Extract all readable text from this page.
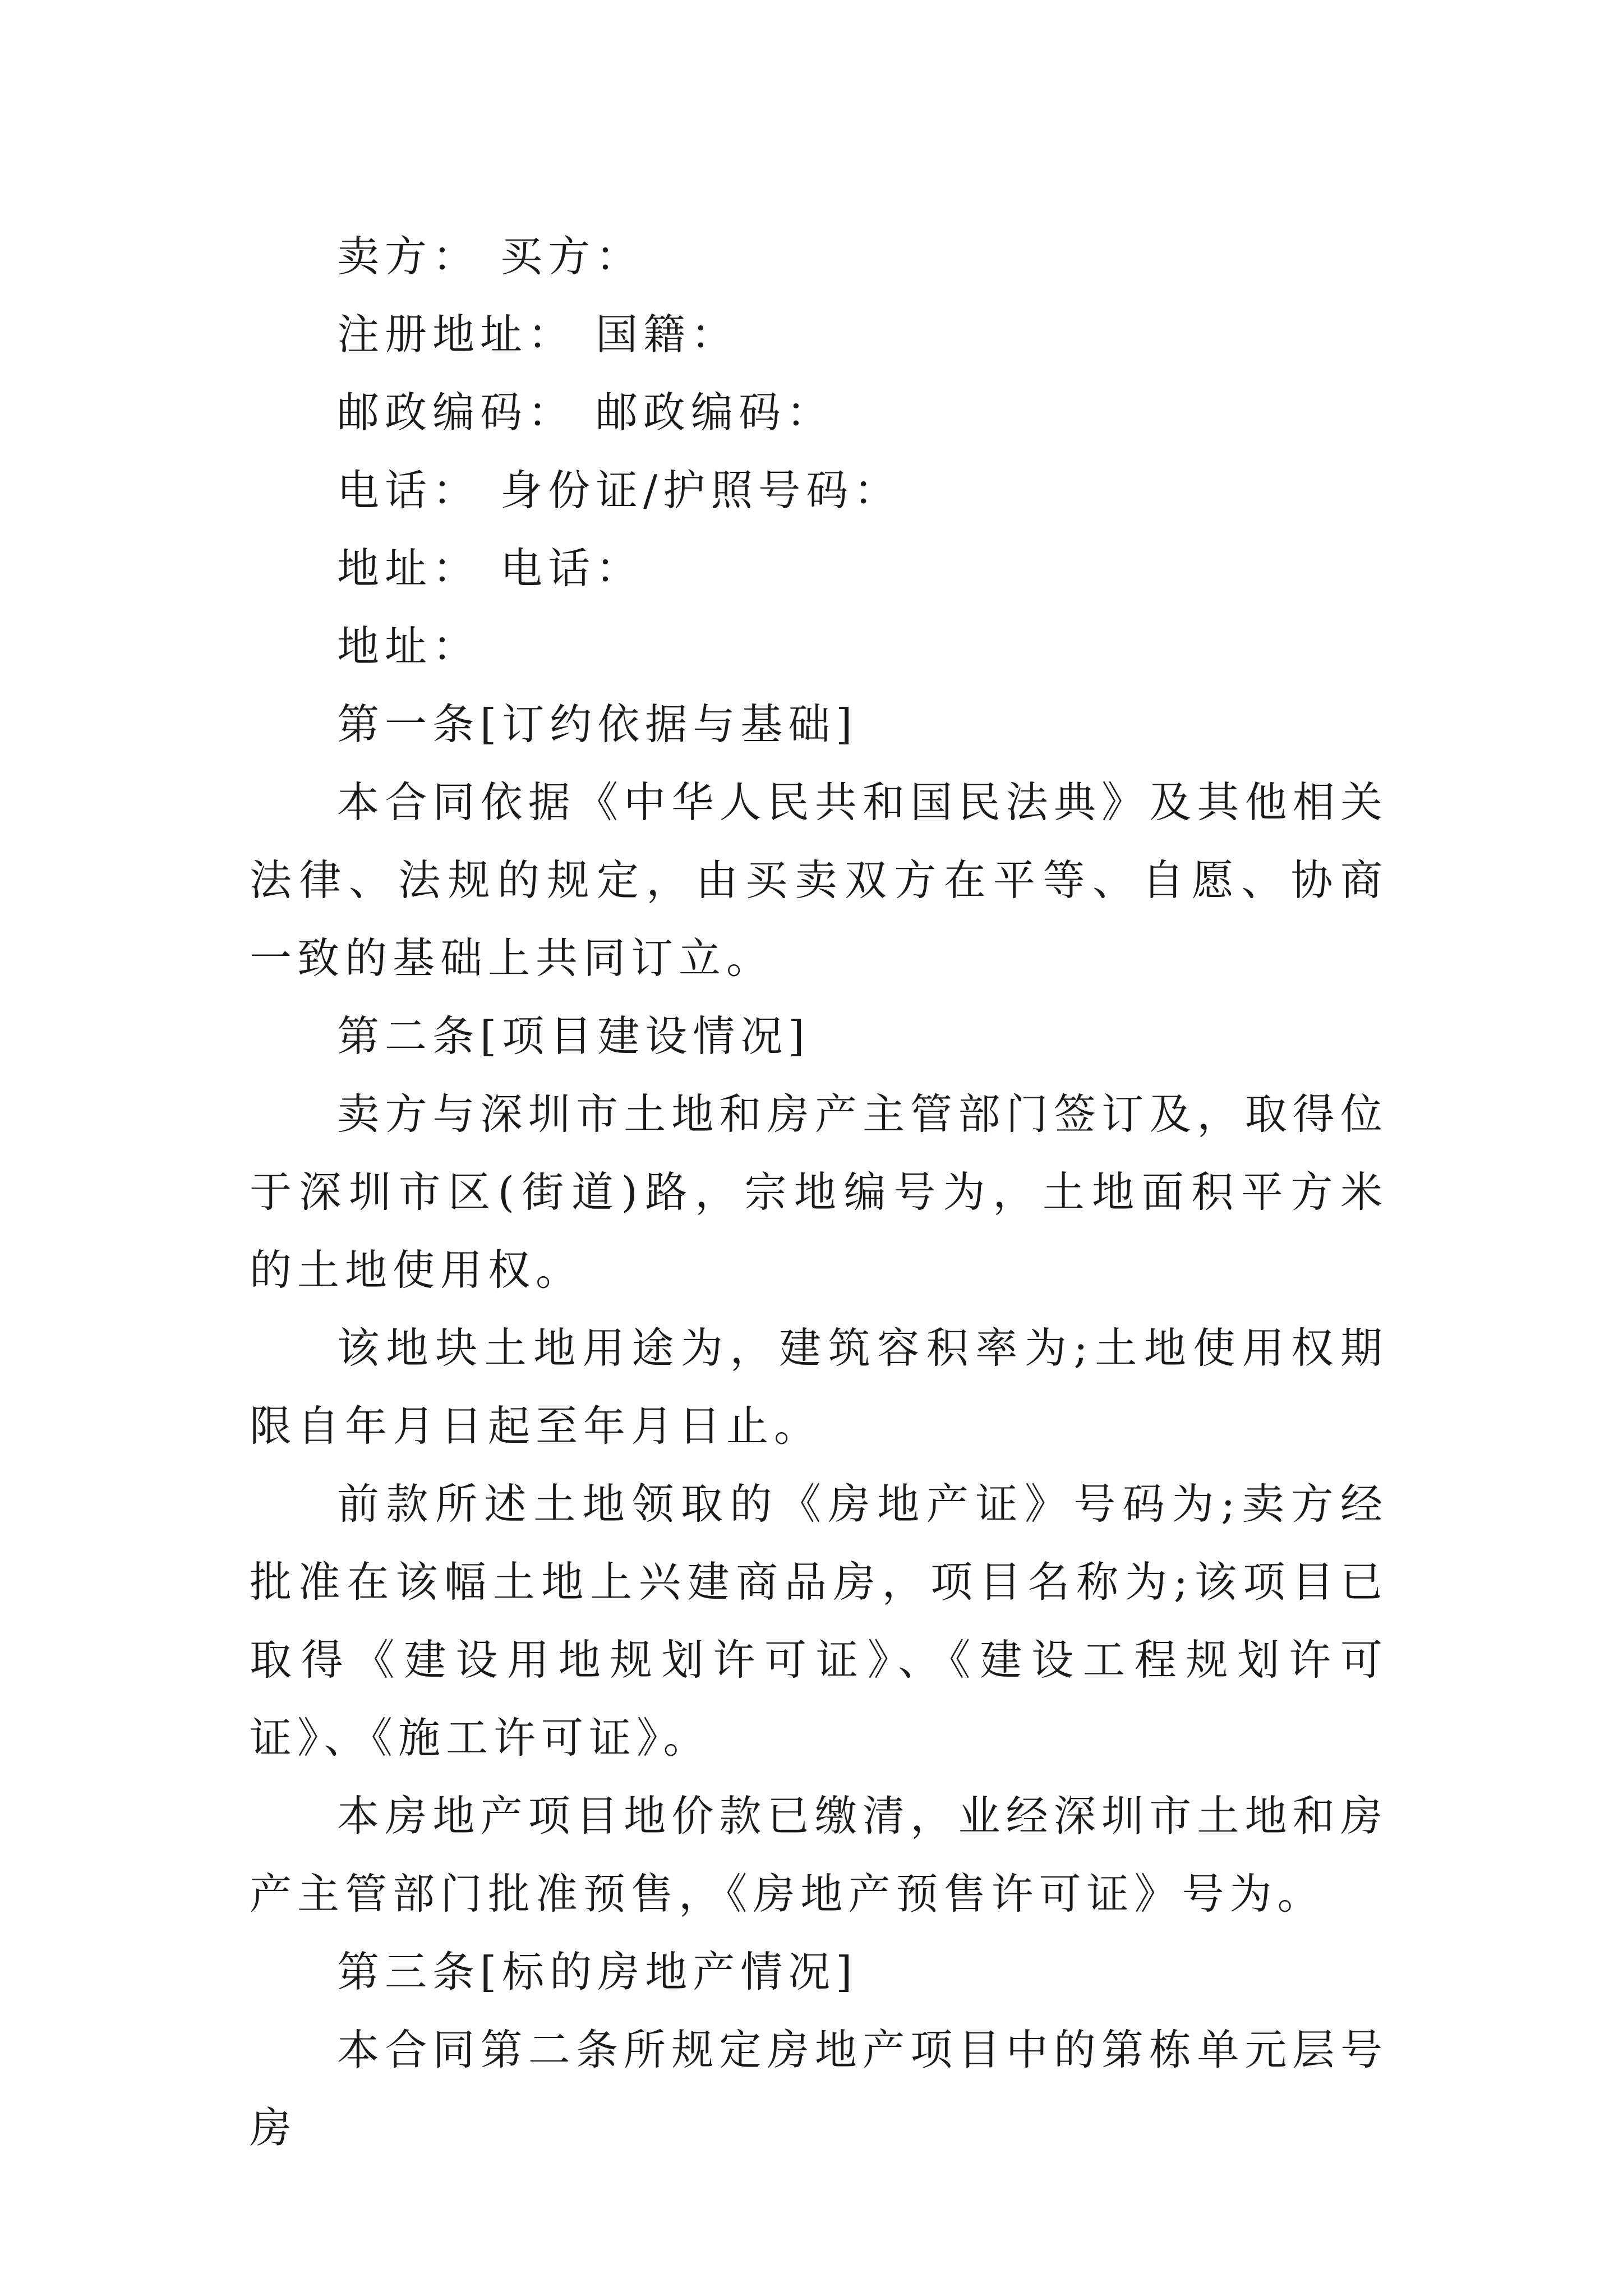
卖方： 买方：
注册地址： 国籍：
邮政编码： 邮政编码：
电话： 身份证/护照号码：
地址： 电话：
地址：
第一条[订约依据与基础]
本合同依据《中华人民共和国民法典》及其他相关法律、法规的规定，由买卖双方在平等、自愿、协商一致的基础上共同订立。
第二条[项目建设情况]
卖方与深圳市土地和房产主管部门签订及，取得位于深圳市区(街道)路，宗地编号为，土地面积平方米的土地使用权。
该地块土地用途为，建筑容积率为;土地使用权期限自年月日起至年月日止。
前款所述土地领取的《房地产证》号码为;卖方经批准在该幅土地上兴建商品房，项目名称为;该项目已取得《建设用地规划许可证》、《建设工程规划许可证》、《施工许可证》。
本房地产项目地价款已缴清，业经深圳市土地和房产主管部门批准预售，《房地产预售许可证》号为。
第三条[标的房地产情况]
本合同第二条所规定房地产项目中的第栋单元层号房
